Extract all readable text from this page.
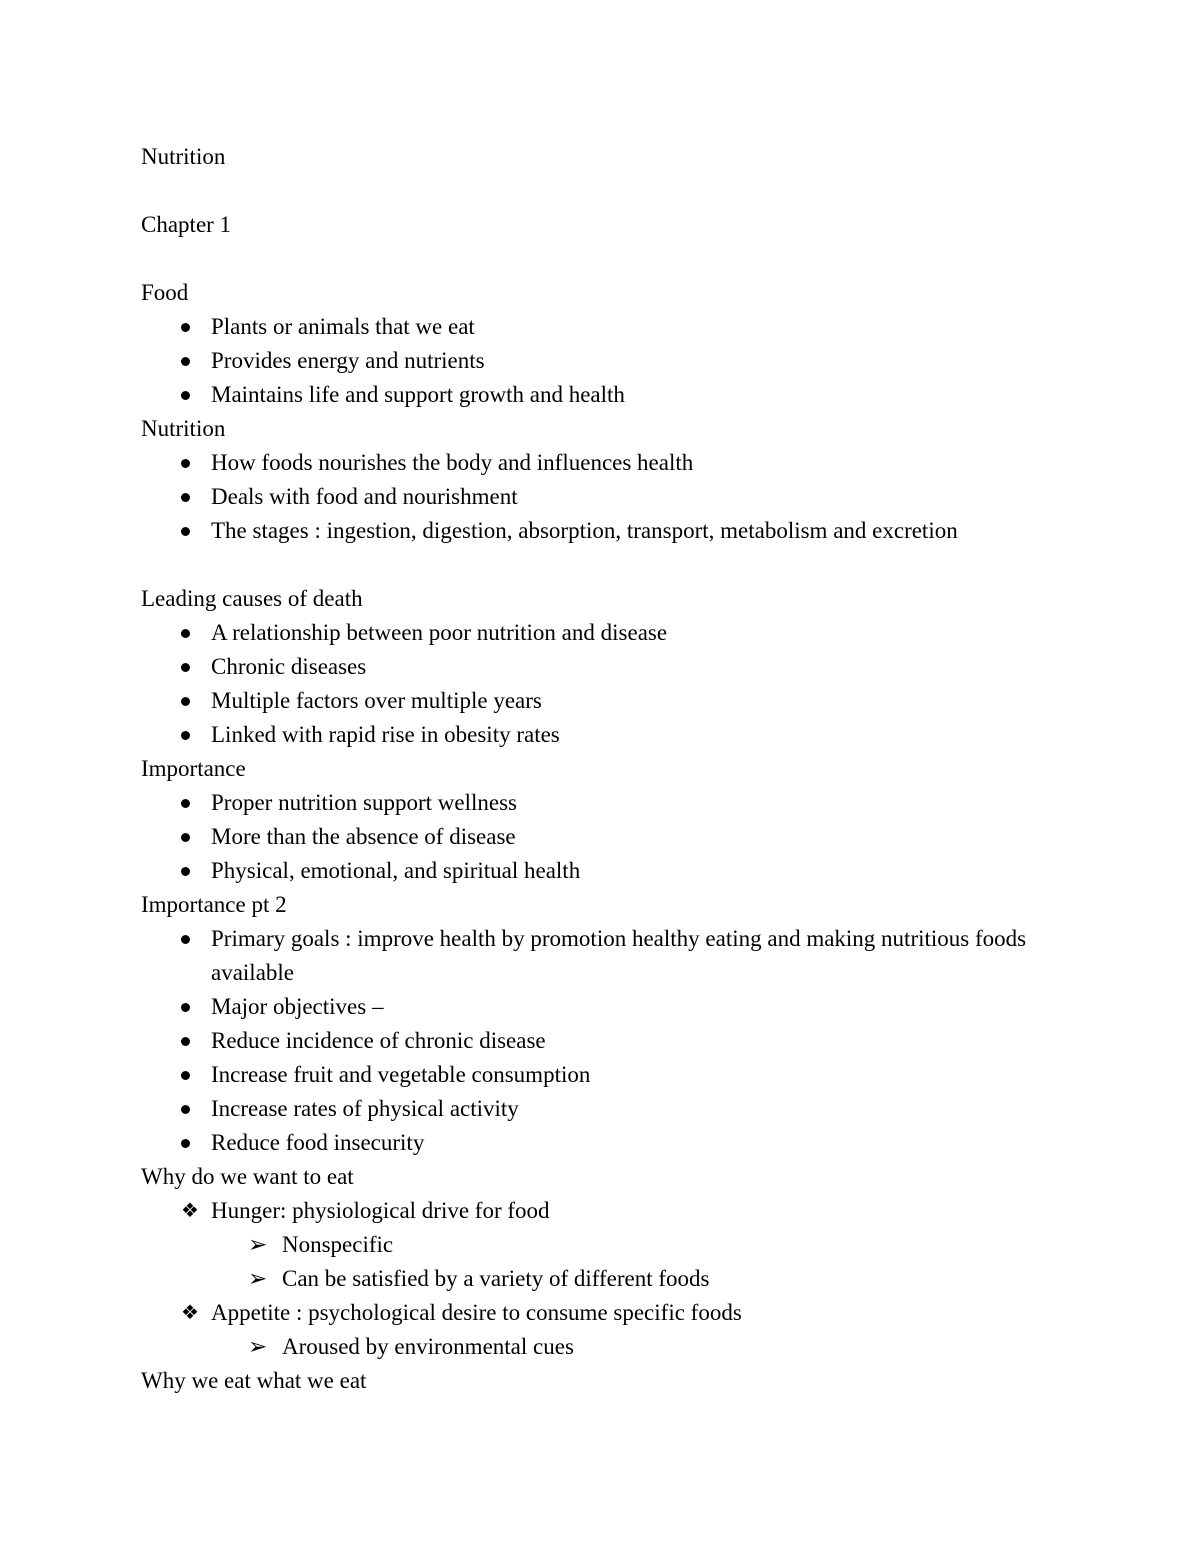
Nutrition
Chapter 1
Food
Plants or animals that we eat
Provides energy and nutrients
Maintains life and support growth and health
Nutrition
How foods nourishes the body and influences health
Deals with food and nourishment
The stages : ingestion, digestion, absorption, transport, metabolism and excretion
Leading causes of death
A relationship between poor nutrition and disease
Chronic diseases
Multiple factors over multiple years
Linked with rapid rise in obesity rates
Importance
Proper nutrition support wellness
More than the absence of disease
Physical, emotional, and spiritual health
Importance pt 2
Primary goals : improve health by promotion healthy eating and making nutritious foods available
Major objectives –
Reduce incidence of chronic disease
Increase fruit and vegetable consumption
Increase rates of physical activity
Reduce food insecurity
Why do we want to eat
❖ Hunger: physiological drive for food
➢ Nonspecific
➢ Can be satisfied by a variety of different foods
❖ Appetite : psychological desire to consume specific foods
➢ Aroused by environmental cues
Why we eat what we eat
